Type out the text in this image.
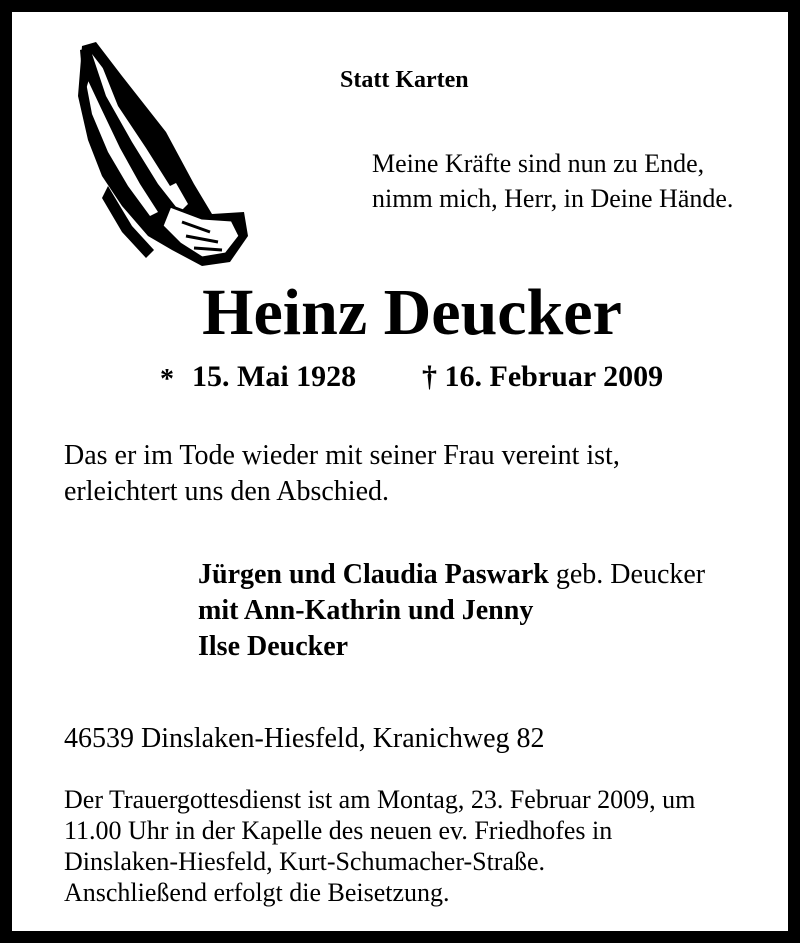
Statt Karten
Meine Kräfte sind nun zu Ende,
nimm mich, Herr, in Deine Hände.
Heinz Deucker
* 15. Mai 1928 † 16. Februar 2009
Das er im Tode wieder mit seiner Frau vereint ist,
erleichtert uns den Abschied.
Jürgen und Claudia Paswark geb. Deucker
mit Ann-Kathrin und Jenny
Ilse Deucker
46539 Dinslaken-Hiesfeld, Kranichweg 82
Der Trauergottesdienst ist am Montag, 23. Februar 2009, um
11.00 Uhr in der Kapelle des neuen ev. Friedhofes in
Dinslaken-Hiesfeld, Kurt-Schumacher-Straße.
Anschließend erfolgt die Beisetzung.
